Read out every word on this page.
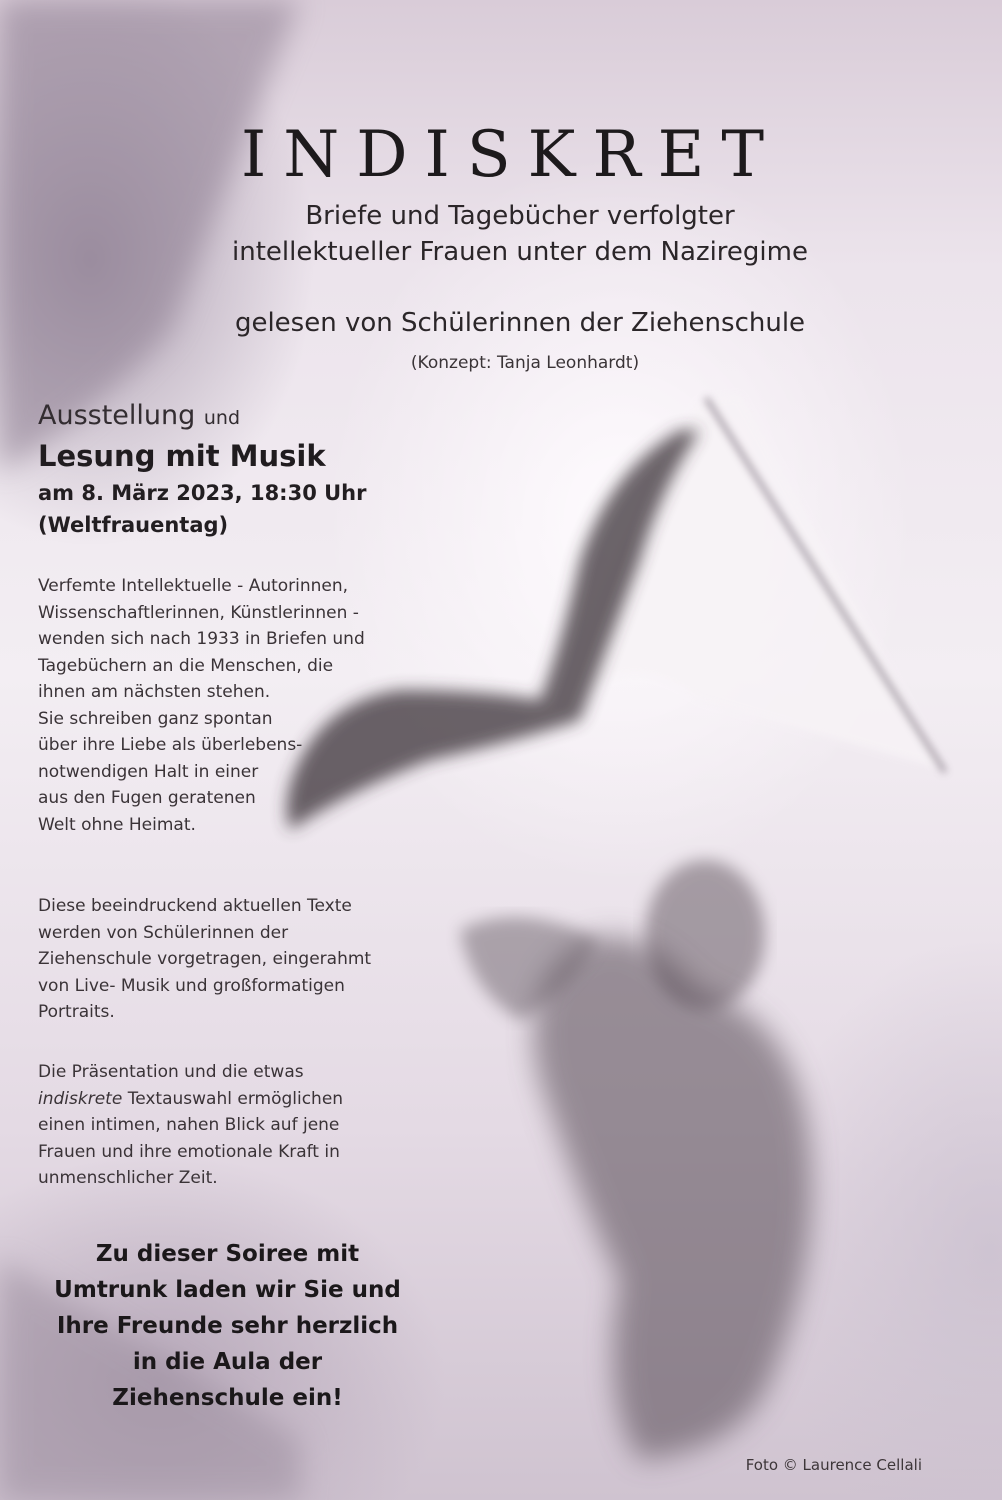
INDISKRET
Briefe und Tagebücher verfolgter
intellektueller Frauen unter dem Naziregime
gelesen von Schülerinnen der Ziehenschule
(Konzept: Tanja Leonhardt)
Ausstellung und
Lesung mit Musik
am 8. März 2023, 18:30 Uhr
(Weltfrauentag)
Verfemte Intellektuelle - Autorinnen,
Wissenschaftlerinnen, Künstlerinnen -
wenden sich nach 1933 in Briefen und
Tagebüchern an die Menschen, die
ihnen am nächsten stehen.
Sie schreiben ganz spontan
über ihre Liebe als überlebens-
notwendigen Halt in einer
aus den Fugen geratenen
Welt ohne Heimat.
Diese beeindruckend aktuellen Texte
werden von Schülerinnen der
Ziehenschule vorgetragen, eingerahmt
von Live- Musik und großformatigen
Portraits.
Die Präsentation und die etwas
indiskrete Textauswahl ermöglichen
einen intimen, nahen Blick auf jene
Frauen und ihre emotionale Kraft in
unmenschlicher Zeit.
Zu dieser Soiree mit
Umtrunk laden wir Sie und
Ihre Freunde sehr herzlich
in die Aula der
Ziehenschule ein!
Foto © Laurence Cellali
